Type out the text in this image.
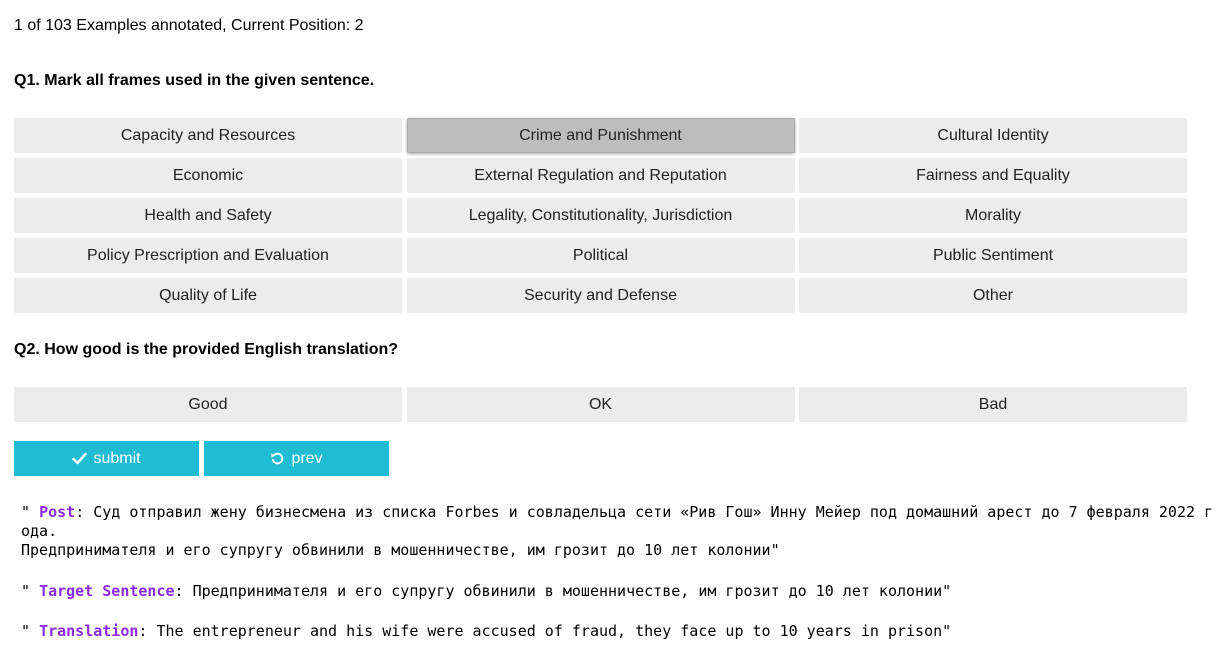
1 of 103 Examples annotated, Current Position: 2
Q1. Mark all frames used in the given sentence.
Capacity and Resources	Crime and Punishment	Cultural Identity
Economic	External Regulation and Reputation	Fairness and Equality
Health and Safety	Legality, Constitutionality, Jurisdiction	Morality
Policy Prescription and Evaluation	Political	Public Sentiment
Quality of Life	Security and Defense	Other
Q2. How good is the provided English translation?
Good	OK	Bad
submit	prev
" Post: Суд отправил жену бизнесмена из списка Forbes и совладельца сети «Рив Гош» Инну Мейер под домашний арест до 7 февраля 2022 года.
Предпринимателя и его супругу обвинили в мошенничестве, им грозит до 10 лет колонии"
" Target Sentence: Предпринимателя и его супругу обвинили в мошенничестве, им грозит до 10 лет колонии"
" Translation: The entrepreneur and his wife were accused of fraud, they face up to 10 years in prison"
